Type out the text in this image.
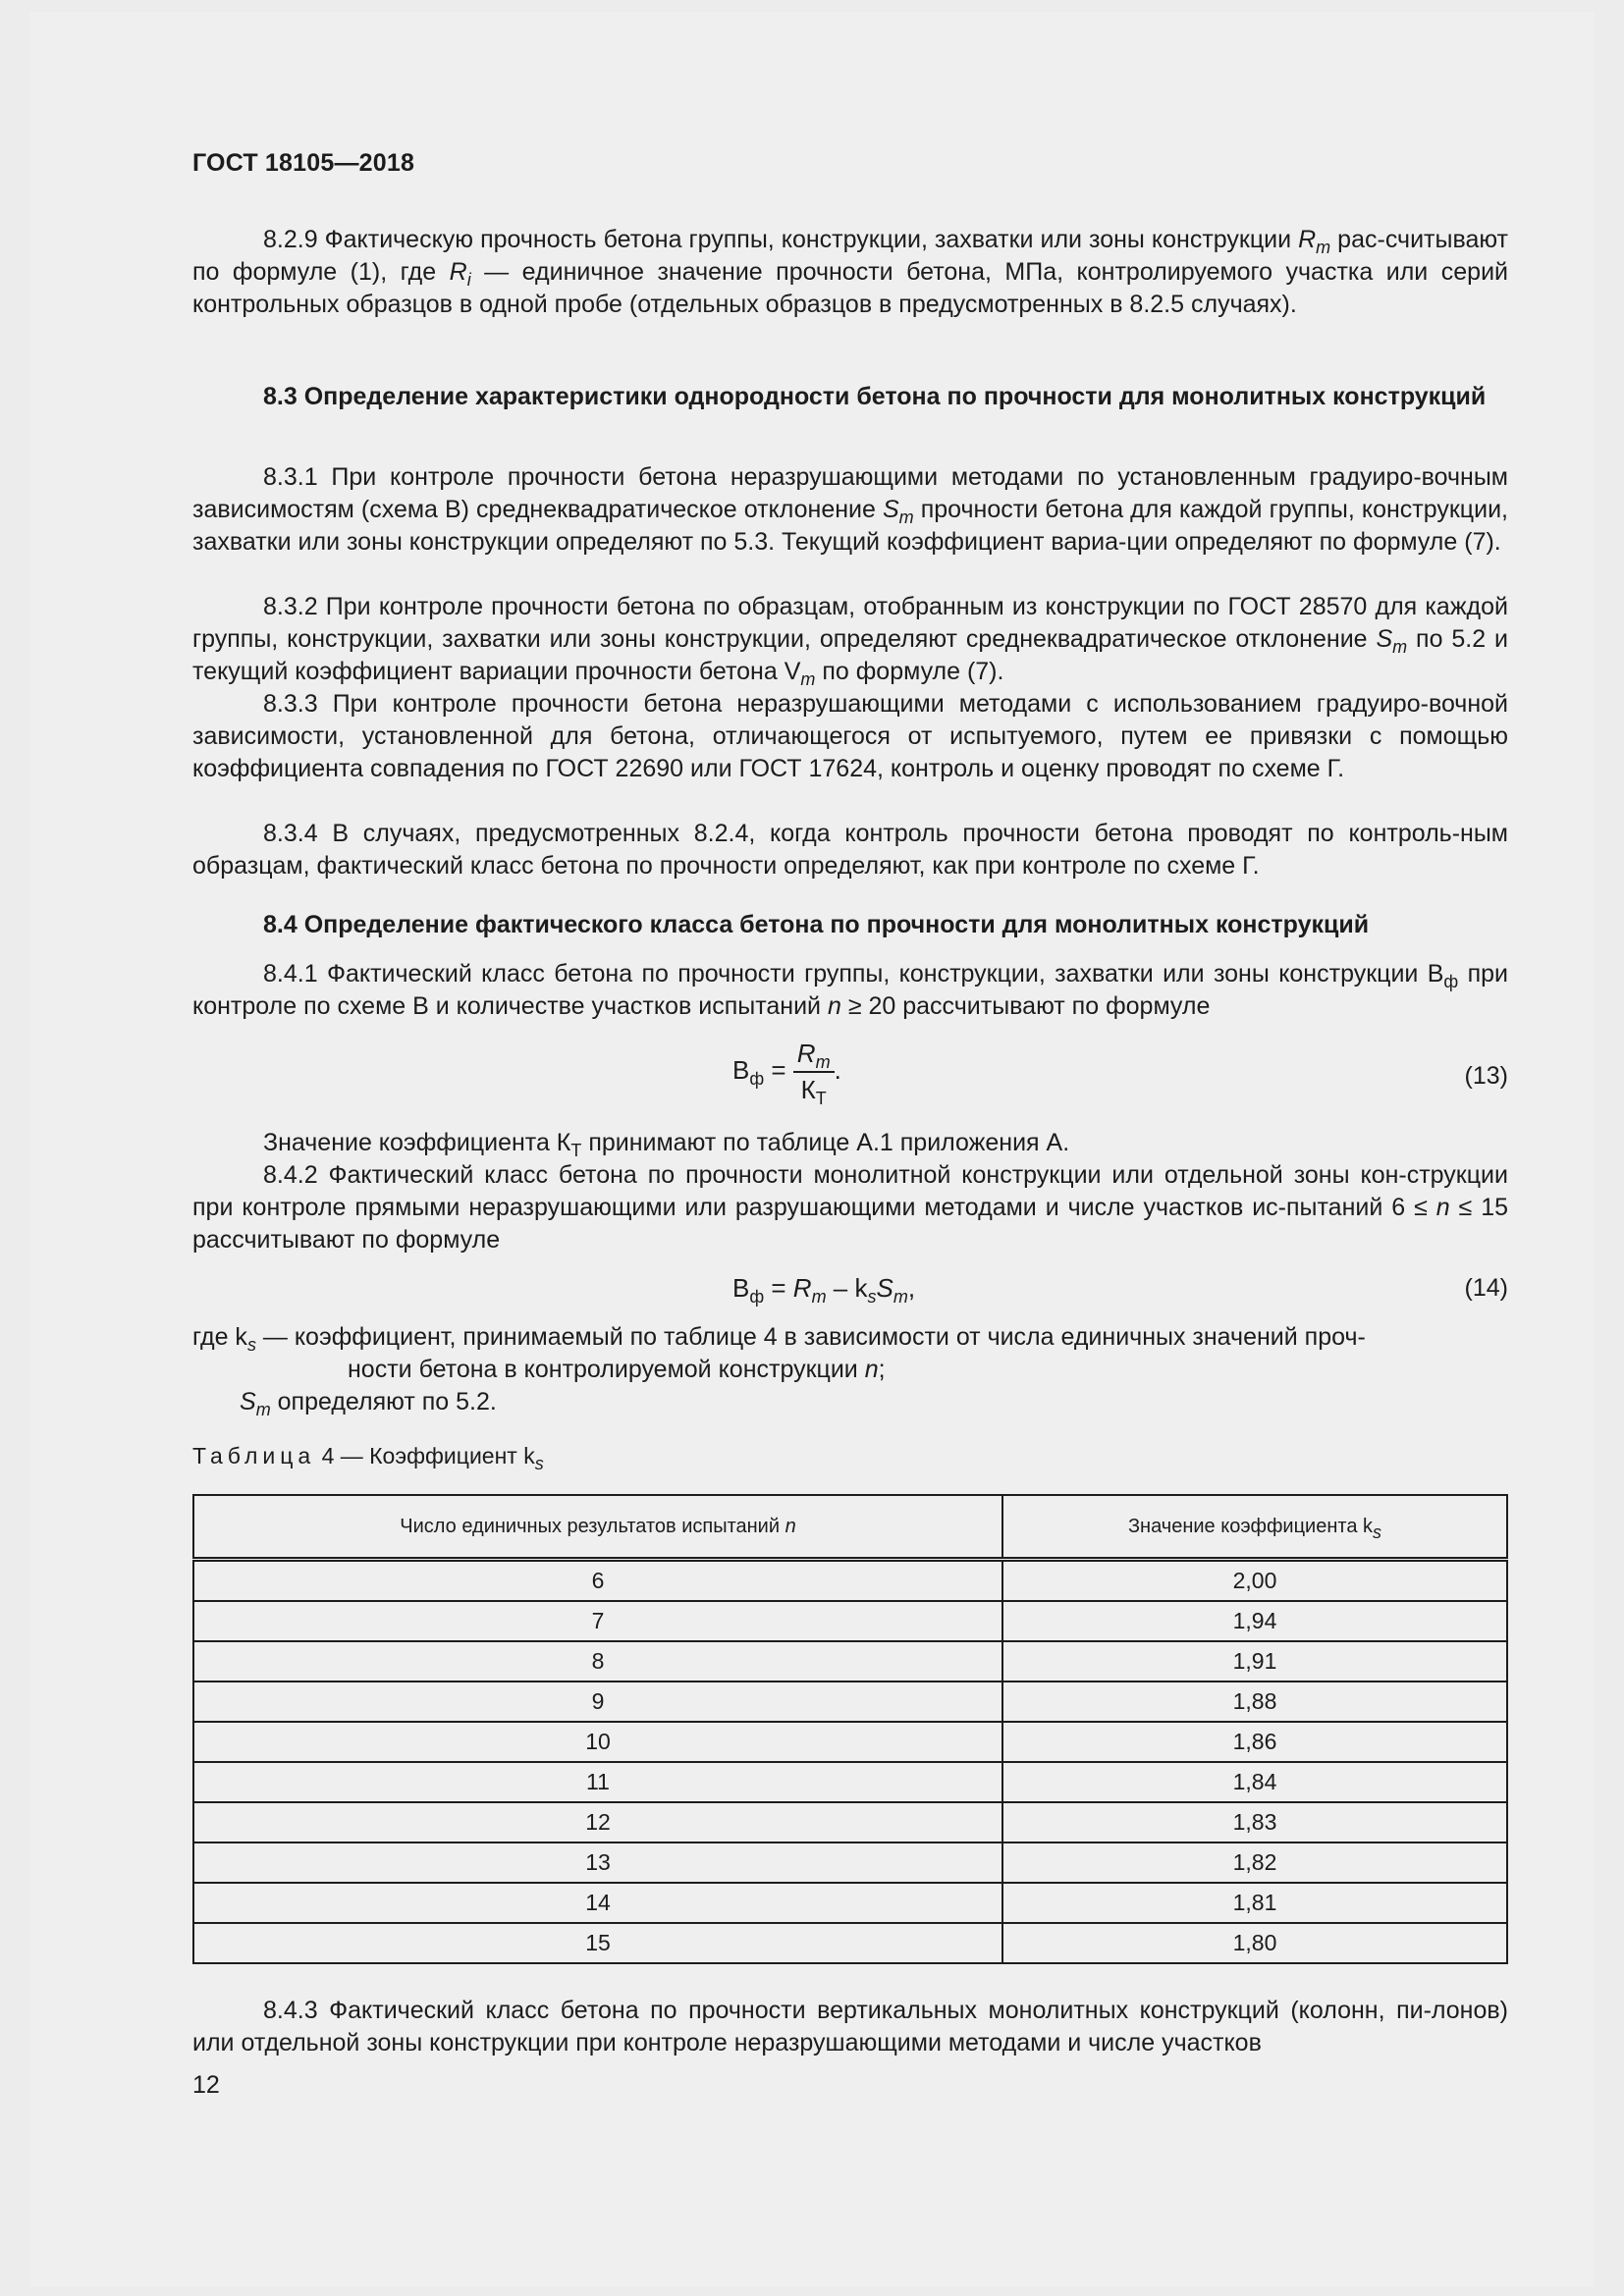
ГОСТ 18105—2018

8.2.9 Фактическую прочность бетона группы, конструкции, захватки или зоны конструкции $R_m$ рас-считывают по формуле (1), где $R_i$ — единичное значение прочности бетона, МПа, контролируемого участка или серий контрольных образцов в одной пробе (отдельных образцов в предусмотренных в 8.2.5 случаях).

8.3 Определение характеристики однородности бетона по прочности для монолитных конструкций

8.3.1 При контроле прочности бетона неразрушающими методами по установленным градуиро-вочным зависимостям (схема В) среднеквадратическое отклонение $S_m$ прочности бетона для каждой группы, конструкции, захватки или зоны конструкции определяют по 5.3. Текущий коэффициент вариа-ции определяют по формуле (7).

8.3.2 При контроле прочности бетона по образцам, отобранным из конструкции по ГОСТ 28570 для каждой группы, конструкции, захватки или зоны конструкции, определяют среднеквадратическое отклонение $S_m$ по 5.2 и текущий коэффициент вариации прочности бетона $V_m$ по формуле (7).

8.3.3 При контроле прочности бетона неразрушающими методами с использованием градуиро-вочной зависимости, установленной для бетона, отличающегося от испытуемого, путем ее привязки с помощью коэффициента совпадения по ГОСТ 22690 или ГОСТ 17624, контроль и оценку проводят по схеме Г.

8.3.4 В случаях, предусмотренных 8.2.4, когда контроль прочности бетона проводят по контроль-ным образцам, фактический класс бетона по прочности определяют, как при контроле по схеме Г.

8.4 Определение фактического класса бетона по прочности для монолитных конструкций

8.4.1 Фактический класс бетона по прочности группы, конструкции, захватки или зоны конструкции $В_ф$ при контроле по схеме В и количестве участков испытаний n ≥ 20 рассчитывают по формуле

$В_ф = \frac{R_m}{К_Т}$ .	(13)

Значение коэффициента $К_Т$ принимают по таблице А.1 приложения А.

8.4.2 Фактический класс бетона по прочности монолитной конструкции или отдельной зоны кон-струкции при контроле прямыми неразрушающими или разрушающими методами и числе участков ис-пытаний 6 ≤ n ≤ 15 рассчитывают по формуле

$В_ф = R_m - k_sS_m$,	(14)

где $k_s$ — коэффициент, принимаемый по таблице 4 в зависимости от числа единичных значений проч-

ности бетона в контролируемой конструкции n;

$S_m$ определяют по 5.2.

Таблица 4 — Коэффициент $k_s$
Число единичных результатов испытаний n	Значение коэффициента $k_s$
6	2,00
7	1,94
8	1,91
9	1,88
10	1,86
11	1,84
12	1,83
13	1,82
14	1,81
15	1,80

8.4.3 Фактический класс бетона по прочности вертикальных монолитных конструкций (колонн, пи-лонов) или отдельной зоны конструкции при контроле неразрушающими методами и числе участков

12
